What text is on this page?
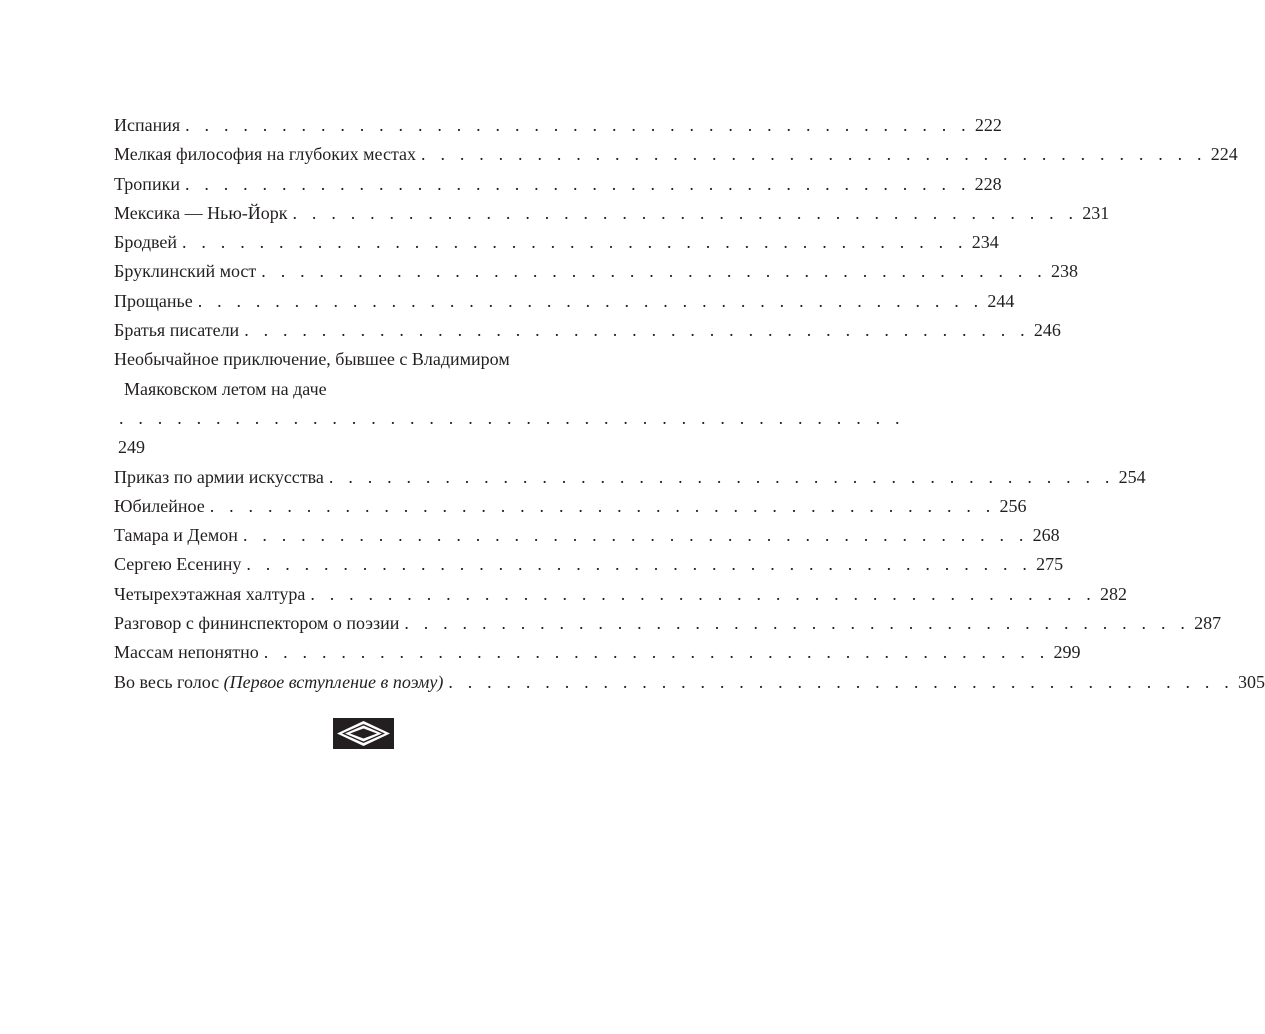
Испания . . . . . . . . . . . . . . . . . . . . . . . . . . . . . . . . . . . . . . . . . 222
Мелкая философия на глубоких местах . . . . . . . . . . . . . . . . . . . . . . . . . . . . . . . . . . . . . . . . . 224
Тропики . . . . . . . . . . . . . . . . . . . . . . . . . . . . . . . . . . . . . . . . . 228
Мексика — Нью-Йорк . . . . . . . . . . . . . . . . . . . . . . . . . . . . . . . . . . . . . . . . . 231
Бродвей . . . . . . . . . . . . . . . . . . . . . . . . . . . . . . . . . . . . . . . . . 234
Бруклинский мост . . . . . . . . . . . . . . . . . . . . . . . . . . . . . . . . . . . . . . . . . 238
Прощанье . . . . . . . . . . . . . . . . . . . . . . . . . . . . . . . . . . . . . . . . . 244
Братья писатели . . . . . . . . . . . . . . . . . . . . . . . . . . . . . . . . . . . . . . . . . 246
Необычайное приключение, бывшее с Владимиром
Маяковском летом на даче
. . . . . . . . . . . . . . . . . . . . . . . . . . . . . . . . . . . . . . . . .
249
Приказ по армии искусства . . . . . . . . . . . . . . . . . . . . . . . . . . . . . . . . . . . . . . . . . 254
Юбилейное . . . . . . . . . . . . . . . . . . . . . . . . . . . . . . . . . . . . . . . . . 256
Тамара и Демон . . . . . . . . . . . . . . . . . . . . . . . . . . . . . . . . . . . . . . . . . 268
Сергею Есенину . . . . . . . . . . . . . . . . . . . . . . . . . . . . . . . . . . . . . . . . . 275
Четырехэтажная халтура . . . . . . . . . . . . . . . . . . . . . . . . . . . . . . . . . . . . . . . . . 282
Разговор с фининспектором о поэзии . . . . . . . . . . . . . . . . . . . . . . . . . . . . . . . . . . . . . . . . . 287
Массам непонятно . . . . . . . . . . . . . . . . . . . . . . . . . . . . . . . . . . . . . . . . . 299
Во весь голос (Первое вступление в поэму) . . . . . . . . . . . . . . . . . . . . . . . . . . . . . . . . . . . . . . . . . 305
